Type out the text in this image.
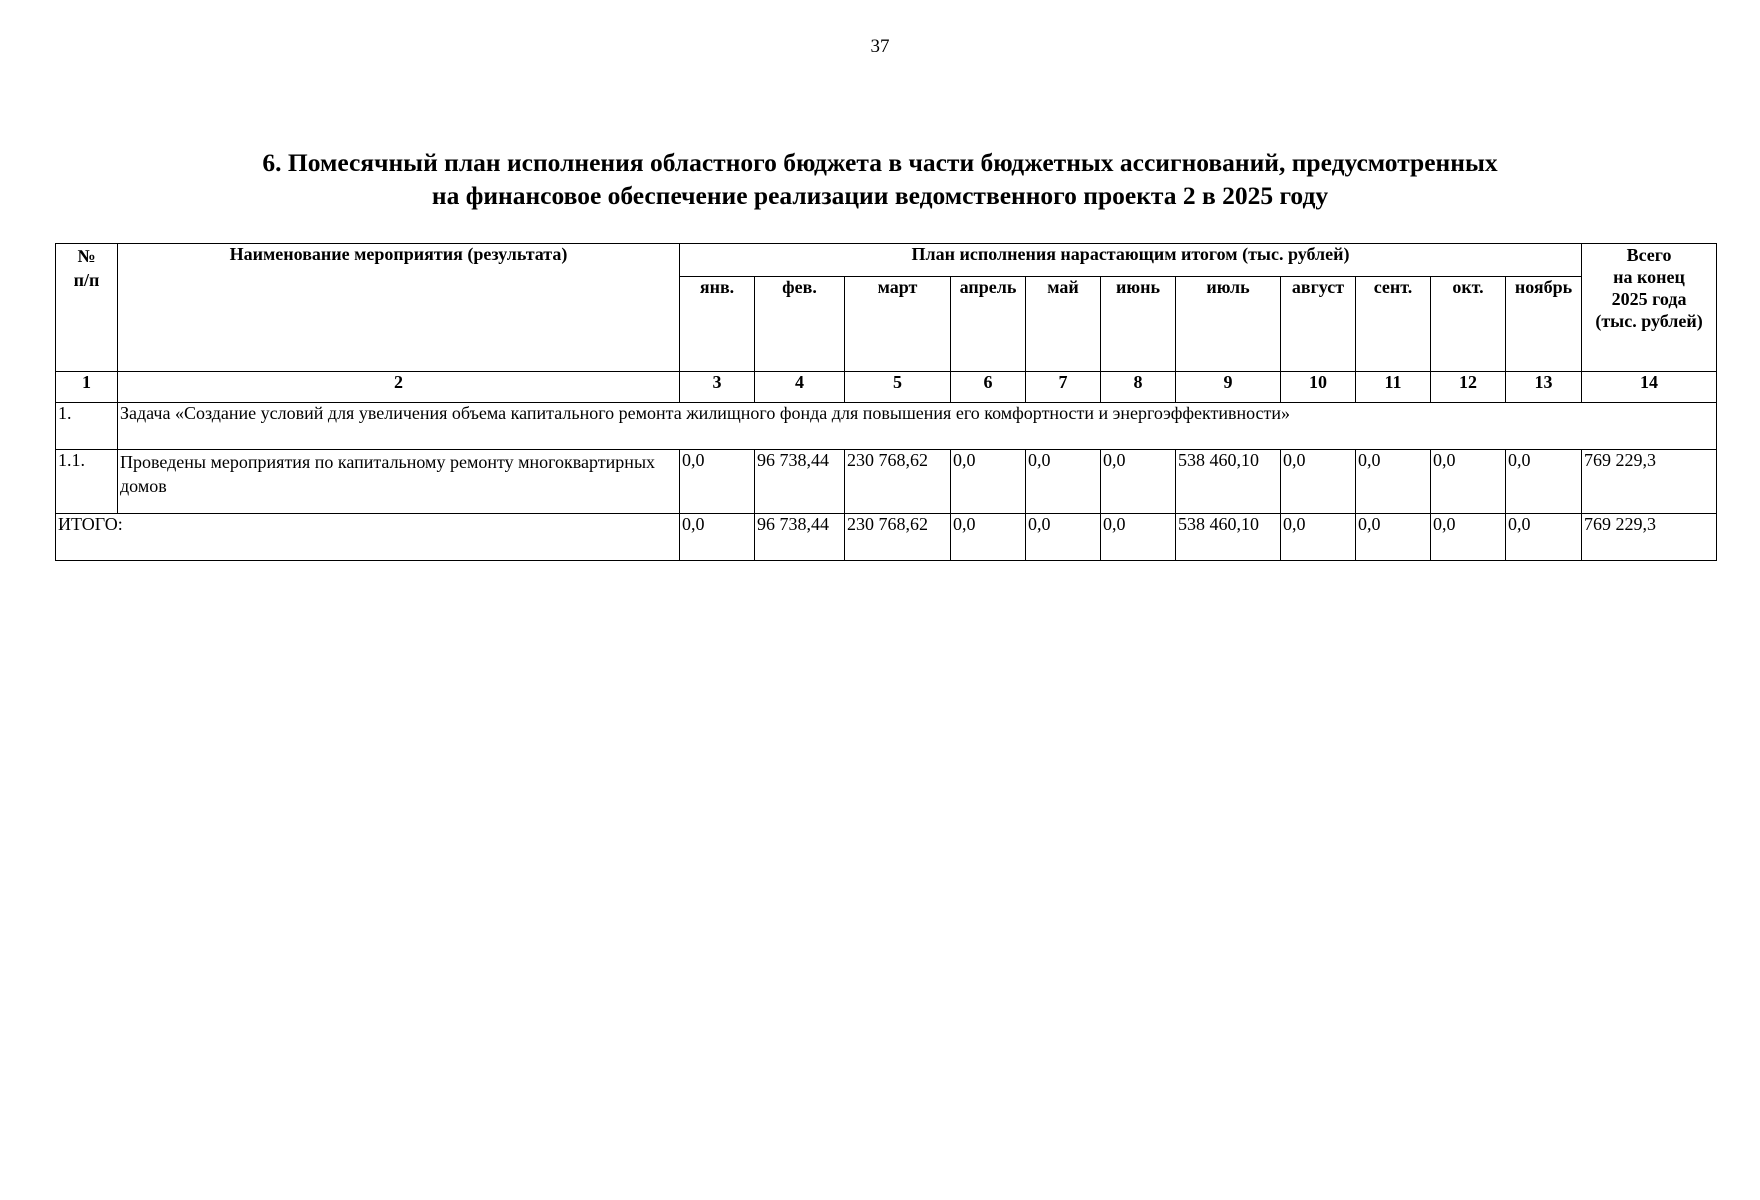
37
6. Помесячный план исполнения областного бюджета в части бюджетных ассигнований, предусмотренных
на финансовое обеспечение реализации ведомственного проекта 2 в 2025 году
№
п/п	Наименование мероприятия (результата)	План исполнения нарастающим итогом (тыс. рублей)											Всего
на конец
2025 года
(тыс. рублей)
		янв.	фев.	март	апрель	май	июнь	июль	август	сент.	окт.	ноябрь	
1	2	3	4	5	6	7	8	9	10	11	12	13	14
1.	Задача «Создание условий для увеличения объема капитального ремонта жилищного фонда для повышения его комфортности и энергоэффективности»												
1.1.	Проведены мероприятия по капитальному ремонту многоквартирных домов	0,0	96 738,44	230 768,62	0,0	0,0	0,0	538 460,10	0,0	0,0	0,0	0,0	769 229,3
ИТОГО:		0,0	96 738,44	230 768,62	0,0	0,0	0,0	538 460,10	0,0	0,0	0,0	0,0	769 229,3
